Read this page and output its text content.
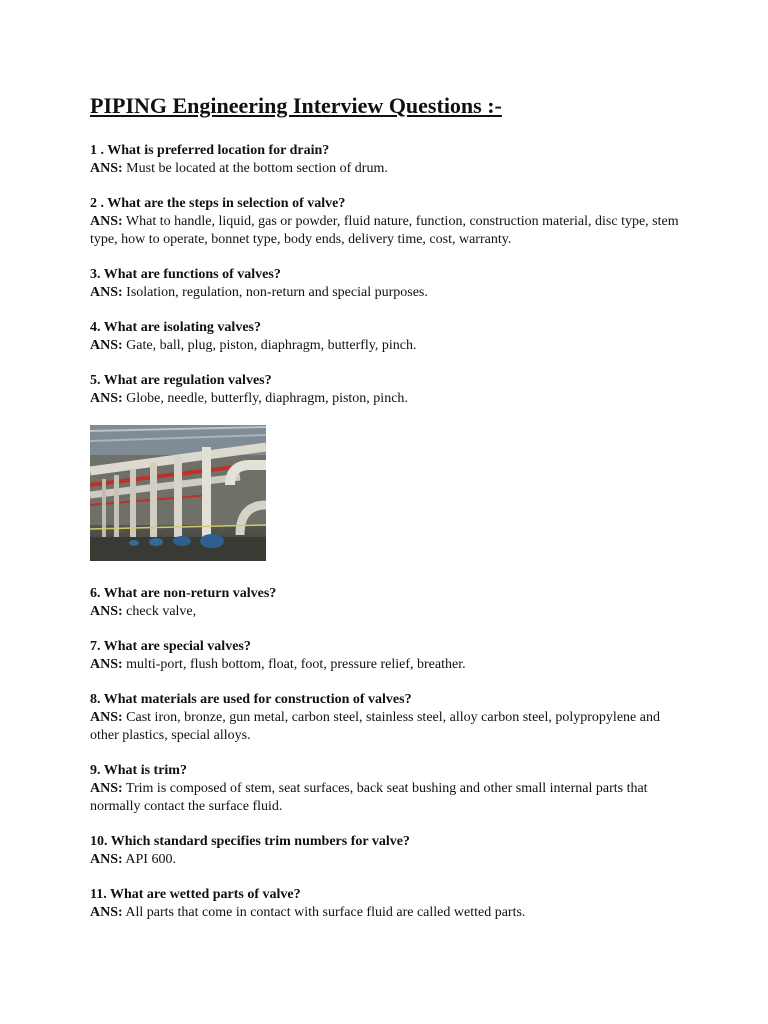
PIPING Engineering Interview Questions :-
1 . What is preferred location for drain?
ANS: Must be located at the bottom section of drum.
2 . What are the steps in selection of valve?
ANS: What to handle, liquid, gas or powder, fluid nature, function, construction material, disc type, stem type, how to operate, bonnet type, body ends, delivery time, cost, warranty.
3. What are functions of valves?
ANS: Isolation, regulation, non-return and special purposes.
4. What are isolating valves?
ANS: Gate, ball, plug, piston, diaphragm, butterfly, pinch.
5. What are regulation valves?
ANS: Globe, needle, butterfly, diaphragm, piston, pinch.
6. What are non-return valves?
ANS: check valve,
7. What are special valves?
ANS: multi-port, flush bottom, float, foot, pressure relief, breather.
8. What materials are used for construction of valves?
ANS: Cast iron, bronze, gun metal, carbon steel, stainless steel, alloy carbon steel, polypropylene and other plastics, special alloys.
9. What is trim?
ANS: Trim is composed of stem, seat surfaces, back seat bushing and other small internal parts that normally contact the surface fluid.
10. Which standard specifies trim numbers for valve?
ANS: API 600.
11. What are wetted parts of valve?
ANS: All parts that come in contact with surface fluid are called wetted parts.
